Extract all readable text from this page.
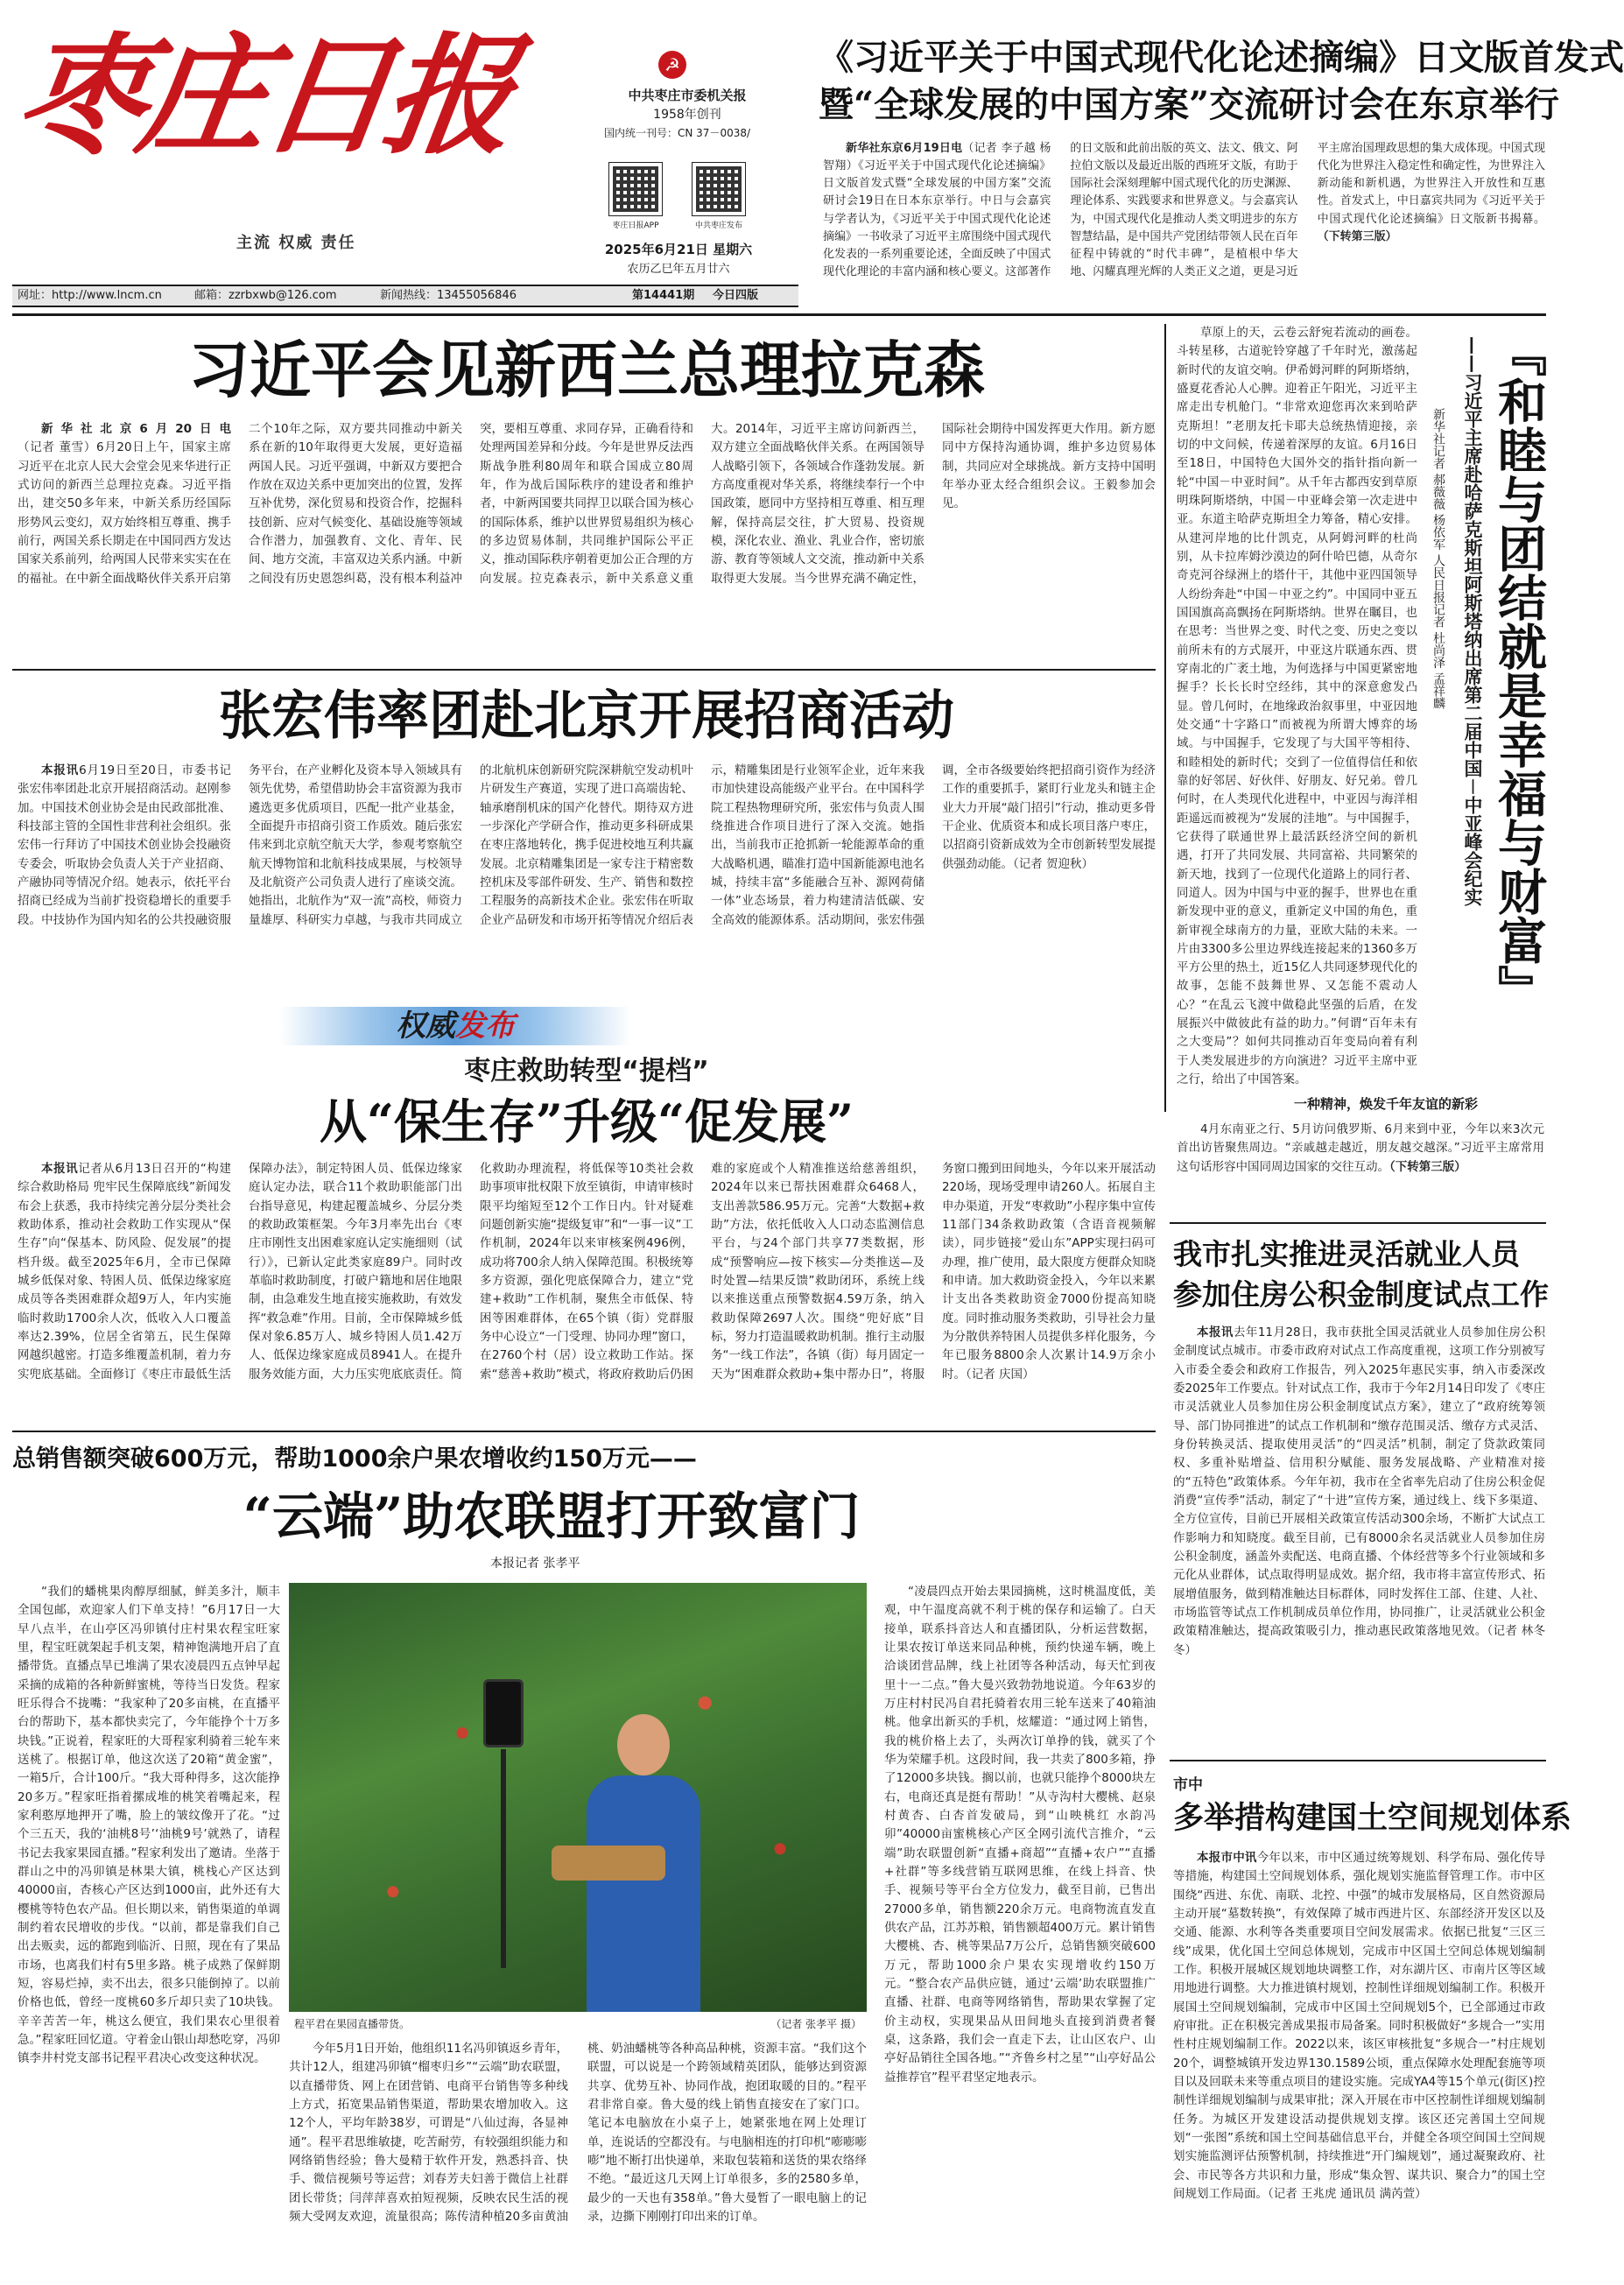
枣庄日报	☭
中共枣庄市委机关报
1958年创刊
国内统一刊号：CN 37－0038/
枣庄日报APP	中共枣庄发布
主流 权威 责任	2025年6月21日 星期六
农历乙巳年五月廿六
网址：http://www.lncm.cn	邮箱：zzrbxwb@126.com	新闻热线：13455056846	第14441期 今日四版
《习近平关于中国式现代化论述摘编》日文版首发式
暨“全球发展的中国方案”交流研讨会在东京举行

新华社东京6月19日电（记者 李子越 杨智翔）《习近平关于中国式现代化论述摘编》日文版首发式暨“全球发展的中国方案”交流研讨会19日在日本东京举行。中日与会嘉宾与学者认为，《习近平关于中国式现代化论述摘编》一书收录了习近平主席围绕中国式现代化发表的一系列重要论述，全面反映了中国式现代化理论的丰富内涵和核心要义。这部著作的日文版和此前出版的英文、法文、俄文、阿拉伯文版以及最近出版的西班牙文版，有助于国际社会深刻理解中国式现代化的历史渊源、理论体系、实践要求和世界意义。与会嘉宾认为，中国式现代化是推动人类文明进步的东方智慧结晶，是中国共产党团结带领人民在百年征程中铸就的“时代丰碑”，是植根中华大地、闪耀真理光辉的人类正义之道，更是习近平主席治国理政思想的集大成体现。中国式现代化为世界注入稳定性和确定性，为世界注入新动能和新机遇，为世界注入开放性和互惠性。首发式上，中日嘉宾共同为《习近平关于中国式现代化论述摘编》日文版新书揭幕。（下转第三版）

习近平会见新西兰总理拉克森

新华社北京6月20日电（记者 董雪）6月20日上午，国家主席习近平在北京人民大会堂会见来华进行正式访问的新西兰总理拉克森。习近平指出，建交50多年来，中新关系历经国际形势风云变幻，双方始终相互尊重、携手前行，两国关系长期走在中国同西方发达国家关系前列，给两国人民带来实实在在的福祉。在中新全面战略伙伴关系开启第二个10年之际，双方要共同推动中新关系在新的10年取得更大发展，更好造福两国人民。习近平强调，中新双方要把合作放在双边关系中更加突出的位置，发挥互补优势，深化贸易和投资合作，挖掘科技创新、应对气候变化、基础设施等领域合作潜力，加强教育、文化、青年、民间、地方交流，丰富双边关系内涵。中新之间没有历史恩怨纠葛，没有根本利益冲突，要相互尊重、求同存异，正确看待和处理两国差异和分歧。今年是世界反法西斯战争胜利80周年和联合国成立80周年，作为战后国际秩序的建设者和维护者，中新两国要共同捍卫以联合国为核心的国际体系，维护以世界贸易组织为核心的多边贸易体制，共同维护国际公平正义，推动国际秩序朝着更加公正合理的方向发展。拉克森表示，新中关系意义重大。2014年，习近平主席访问新西兰，双方建立全面战略伙伴关系。在两国领导人战略引领下，各领域合作蓬勃发展。新方高度重视对华关系，将继续奉行一个中国政策，愿同中方坚持相互尊重、相互理解，保持高层交往，扩大贸易、投资规模，深化农业、渔业、乳业合作，密切旅游、教育等领域人文交流，推动新中关系取得更大发展。当今世界充满不确定性，国际社会期待中国发挥更大作用。新方愿同中方保持沟通协调，维护多边贸易体制，共同应对全球挑战。新方支持中国明年举办亚太经合组织会议。王毅参加会见。

张宏伟率团赴北京开展招商活动

本报讯6月19日至20日，市委书记张宏伟率团赴北京开展招商活动。赵刚参加。中国技术创业协会是由民政部批准、科技部主管的全国性非营利社会组织。张宏伟一行拜访了中国技术创业协会投融资专委会，听取协会负责人关于产业招商、产融协同等情况介绍。她表示，依托平台招商已经成为当前扩投资稳增长的重要手段。中技协作为国内知名的公共投融资服务平台，在产业孵化及资本导入领域具有领先优势，希望借助协会丰富资源为我市遴选更多优质项目，匹配一批产业基金，全面提升市招商引资工作质效。随后张宏伟来到北京航空航天大学，参观考察航空航天博物馆和北航科技成果展，与校领导及北航资产公司负责人进行了座谈交流。她指出，北航作为“双一流”高校，师资力量雄厚、科研实力卓越，与我市共同成立的北航机床创新研究院深耕航空发动机叶片研发生产赛道，实现了进口高端齿轮、轴承磨削机床的国产化替代。期待双方进一步深化产学研合作，推动更多科研成果在枣庄落地转化，携手促进校地互利共赢发展。北京精雕集团是一家专注于精密数控机床及零部件研发、生产、销售和数控工程服务的高新技术企业。张宏伟在听取企业产品研发和市场开拓等情况介绍后表示，精雕集团是行业领军企业，近年来我市加快建设高能级产业平台。在中国科学院工程热物理研究所，张宏伟与负责人围绕推进合作项目进行了深入交流。她指出，当前我市正抢抓新一轮能源革命的重大战略机遇，瞄准打造中国新能源电池名城，持续丰富“多能融合互补、源网荷储一体”业态场景，着力构建清洁低碳、安全高效的能源体系。活动期间，张宏伟强调，全市各级要始终把招商引资作为经济工作的重要抓手，紧盯行业龙头和链主企业大力开展“敲门招引”行动，推动更多骨干企业、优质资本和成长项目落户枣庄，以招商引资新成效为全市创新转型发展提供强劲动能。（记者 贺迎秋）

权威发布
枣庄救助转型“提档”
从“保生存”升级“促发展”

本报讯记者从6月13日召开的“构建综合救助格局 兜牢民生保障底线”新闻发布会上获悉，我市持续完善分层分类社会救助体系，推动社会救助工作实现从“保生存”向“保基本、防风险、促发展”的提档升级。截至2025年6月，全市已保障城乡低保对象、特困人员、低保边缘家庭成员等各类困难群众超9万人，年内实施临时救助1700余人次，低收入人口覆盖率达2.39%，位居全省第五，民生保障网越织越密。打造多维覆盖机制，着力夯实兜底基础。全面修订《枣庄市最低生活保障办法》，制定特困人员、低保边缘家庭认定办法，联合11个救助职能部门出台指导意见，构建起覆盖城乡、分层分类的救助政策框架。今年3月率先出台《枣庄市刚性支出困难家庭认定实施细则（试行）》，已新认定此类家庭89户。同时改革临时救助制度，打破户籍地和居住地限制，由急难发生地直接实施救助，有效发挥“救急难”作用。目前，全市保障城乡低保对象6.85万人、城乡特困人员1.42万人、低保边缘家庭成员8941人。在提升服务效能方面，大力压实兜底底责任。简化救助办理流程，将低保等10类社会救助事项审批权限下放至镇街，申请审核时限平均缩短至12个工作日内。针对疑难问题创新实施“提级复审”和“一事一议”工作机制，2024年以来审核案例496例，成功将700余人纳入保障范围。积极统筹多方资源，强化兜底保障合力，建立“党建+救助”工作机制，聚焦全市低保、特困等困难群体，在65个镇（街）党群服务中心设立“一门受理、协同办理”窗口，在2760个村（居）设立救助工作站。探索“慈善+救助”模式，将政府救助后仍困难的家庭或个人精准推送给慈善组织，2024年以来已帮扶困难群众6468人，支出善款586.95万元。完善“大数据+救助”方法，依托低收入人口动态监测信息平台，与24个部门共享77类数据，形成“预警响应—按下核实—分类推送—及时处置—结果反馈”救助闭环，系统上线以来推送重点预警数据4.59万条，纳入救助保障2697人次。围绕“兜好底”目标，努力打造温暖救助机制。推行主动服务“一线工作法”，各镇（街）每月固定一天为“困难群众救助+集中帮办日”，将服务窗口搬到田间地头，今年以来开展活动220场，现场受理申请260人。拓展自主申办渠道，开发“枣救助”小程序集中宣传11部门34条救助政策（含语音视频解读），同步链接“爱山东”APP实现扫码可办理，推广使用，最大限度方便群众知晓和申请。加大救助资金投入，今年以来累计支出各类救助资金7000份提高知晓度。同时推动服务类救助，引导社会力量为分散供养特困人员提供多样化服务，今年已服务8800余人次累计14.9万余小时。（记者 庆国）

总销售额突破600万元，帮助1000余户果农增收约150万元——
“云端”助农联盟打开致富门
本报记者 张孝平

“我们的蟠桃果肉醇厚细腻，鲜美多汁，顺丰全国包邮，欢迎家人们下单支持！”6月17日一大早八点半，在山亭区冯卯镇付庄村果农程宝旺家里，程宝旺就架起手机支架，精神饱满地开启了直播带货。直播点旱已堆满了果农凌晨四五点钟早起采摘的成箱的各种新鲜蜜桃，等待当日发货。程家旺乐得合不拢嘴：“我家种了20多亩桃，在直播平台的帮助下，基本都快卖完了，今年能挣个十万多块钱。”正说着，程家旺的大哥程家利骑着三轮车来送桃了。根据订单，他这次送了20箱“黄金蜜”，一箱5斤，合计100斤。“我大哥种得多，这次能挣20多万。”程家旺指着摞成堆的桃笑着嘴起来，程家利憨厚地押开了嘴，脸上的皱纹像开了花。“过个三五天，我的‘油桃8号’‘油桃9号’就熟了，请程书记去我家果园直播。”程家利发出了邀请。坐落于群山之中的冯卯镇是林果大镇，桃栈心产区达到40000亩，杏核心产区达到1000亩，此外还有大樱桃等特色农产品。但长期以来，销售渠道的单调制约着农民增收的步伐。“以前，都是靠我们自己出去贩卖，远的都跑到临沂、日照，现在有了果品市场，也离我们村有5里多路。桃子成熟了保鲜期短，容易烂掉，卖不出去，很多只能倒掉了。以前价格也低，曾经一度桃60多斤却只卖了10块钱。辛辛苦苦一年，桃这么便宜，我们果农心里很着急。”程家旺回忆道。守着金山银山却愁吃穿，冯卯镇李井村党支部书记程平君决心改变这种状况。

程平君在果园直播带货。	（记者 张孝平 摄）

今年5月1日开始，他组织11名冯卯镇返乡青年，共计12人，组建冯卯镇“榴枣归乡”“云端”助农联盟，以直播带货、网上在团营销、电商平台销售等多种线上方式，拓宽果品销售渠道，帮助果农增加收入。这12个人，平均年龄38岁，可谓是“八仙过海，各显神通”。程平君思维敏捷，吃苦耐劳，有较强组织能力和网络销售经验；鲁大曼精于软件开发，熟悉抖音、快手、微信视频号等运营；刘春芳夫妇善于微信上社群团长带货；闫萍萍喜欢拍短视频，反映农民生活的视频大受网友欢迎，流量很高；陈传清种植20多亩黄油桃、奶油蟠桃等各种高品种桃，资源丰富。“我们这个联盟，可以说是一个跨领域精英团队，能够达到资源共享、优势互补、协同作战，抱团取暖的目的。”程平君非常自豪。鲁大曼的线上销售直接安在了家门口。笔记本电脑放在小桌子上，她紧张地在网上处理订单，连说话的空都没有。与电脑相连的打印机“嘭嘭嘭嘭”地不断打出快递单，来取包装箱和送货的果农络绎不绝。“最近这几天网上订单很多，多的2580多单，最少的一天也有358单。”鲁大曼暂了一眼电脑上的记录，边撕下刚刚打印出来的订单。

“凌晨四点开始去果园摘桃，这时桃温度低，美观，中午温度高就不利于桃的保存和运输了。白天接单，联系抖音达人和直播团队，分析运营数据，让果农按订单送来同品种桃，预约快递车辆，晚上洽谈团营品牌，线上社团等各种活动，每天忙到夜里十一二点。”鲁大曼兴致勃勃地说道。今年63岁的万庄村村民冯自君托骑着农用三轮车送来了40箱油桃。他拿出新买的手机，炫耀道：“通过网上销售，我的桃价格上去了，头两次订单挣的钱，就买了个华为荣耀手机。这段时间，我一共卖了800多箱，挣了12000多块钱。搁以前，也就只能挣个8000块左右，电商还真是挺有帮助！”从寺沟村大樱桃、赵泉村黄杏、白杏首发破局，到“山映桃红 水韵冯卯”40000亩蜜桃核心产区全网引流代言推介，“云端”助农联盟创新“直播+商超”“直播+农户”“直播+社群”等多线营销互联网思维，在线上抖音、快手、视频号等平台全方位发力，截至目前，已售出27000多单，销售额220余万元。电商物流直发直供农产品，江苏苏粮，销售额超400万元。累计销售大樱桃、杏、桃等果品7万公斤，总销售额突破600万元，帮助1000余户果农实现增收约150万元。“整合农产品供应链，通过‘云端’助农联盟推广直播、社群、电商等网络销售，帮助果农掌握了定价主动权，实现果品从田间地头直接到消费者餐桌，这条路，我们会一直走下去，让山区农户、山亭好品销往全国各地。”“齐鲁乡村之星”“山亭好品公益推荐官”程平君坚定地表示。

草原上的天，云卷云舒宛若流动的画卷。斗转星移，古道驼铃穿越了千年时光，激荡起新时代的友谊交响。伊希姆河畔的阿斯塔纳，盛夏花香沁人心脾。迎着正午阳光，习近平主席走出专机舱门。“非常欢迎您再次来到哈萨克斯坦！”老朋友托卡耶夫总统热情迎接，亲切的中文问候，传递着深厚的友谊。6月16日至18日，中国特色大国外交的指针指向新一轮“中国－中亚时间”。从千年古都西安到草原明珠阿斯塔纳，中国－中亚峰会第一次走进中亚。东道主哈萨克斯坦全力筹备，精心安排。从建河岸地的比什凯克，从阿姆河畔的杜尚别，从卡拉库姆沙漠边的阿什哈巴德，从奇尔奇克河谷绿洲上的塔什干，其他中亚四国领导人纷纷奔赴“中国－中亚之约”。中国同中亚五国国旗高高飘扬在阿斯塔纳。世界在瞩目，也在思考：当世界之变、时代之变、历史之变以前所未有的方式展开，中亚这片联通东西、贯穿南北的广袤土地，为何选择与中国更紧密地握手？长长长时空经纬，其中的深意愈发凸显。曾几何时，在地缘政治叙事里，中亚因地处交通“十字路口”而被视为所谓大博弈的场域。与中国握手，它发现了与大国平等相待、和睦相处的新时代；交到了一位值得信任和依靠的好邻居、好伙伴、好朋友、好兄弟。曾几何时，在人类现代化进程中，中亚因与海洋相距遥远而被视为“发展的洼地”。与中国握手，它获得了联通世界上最活跃经济空间的新机遇，打开了共同发展、共同富裕、共同繁荣的新天地，找到了一位现代化道路上的同行者、同道人。因为中国与中亚的握手，世界也在重新发现中亚的意义，重新定义中国的角色，重新审视全球南方的力量，亚欧大陆的未来。一片由3300多公里边界线连接起来的1360多万平方公里的热土，近15亿人共同逐梦现代化的故事，怎能不鼓舞世界、又怎能不震动人心？“在乱云飞渡中做稳此坚强的后盾，在发展振兴中做彼此有益的助力。”何谓“百年未有之大变局”？如何共同推动百年变局向着有利于人类发展进步的方向演进？习近平主席中亚之行，给出了中国答案。

『和睦与团结就是幸福与财富』
——习近平主席赴哈萨克斯坦阿斯塔纳出席第二届中国－中亚峰会纪实
新华社记者 郝薇薇 杨依军 人民日报记者 杜尚泽 孟祥麟
一种精神，焕发千年友谊的新彩

4月东南亚之行、5月访问俄罗斯、6月来到中亚，今年以来3次元首出访皆聚焦周边。“亲戚越走越近，朋友越交越深。”习近平主席常用这句话形容中国同周边国家的交往互动。（下转第三版）

我市扎实推进灵活就业人员
参加住房公积金制度试点工作

本报讯去年11月28日，我市获批全国灵活就业人员参加住房公积金制度试点城市。市委市政府对试点工作高度重视，这项工作分别被写入市委全委会和政府工作报告，列入2025年惠民实事，纳入市委深改委2025年工作要点。针对试点工作，我市于今年2月14日印发了《枣庄市灵活就业人员参加住房公积金制度试点方案》，建立了“政府统筹领导、部门协同推进”的试点工作机制和“缴存范围灵活、缴存方式灵活、身份转换灵活、提取使用灵活”的“四灵活”机制，制定了贷款政策同权、多重补贴增益、信用积分赋能、服务发展战略、产业精准对接的“五特色”政策体系。今年年初，我市在全省率先启动了住房公积金促消费“宣传季”活动，制定了“十进”宣传方案，通过线上、线下多渠道、全方位宣传，目前已开展相关政策宣传活动300余场，不断扩大试点工作影响力和知晓度。截至目前，已有8000余名灵活就业人员参加住房公积金制度，涵盖外卖配送、电商直播、个体经营等多个行业领域和多元化从业群体，试点取得明显成效。据介绍，我市将丰富宣传形式、拓展增值服务，做到精准触达目标群体，同时发挥住工部、住建、人社、市场监管等试点工作机制成员单位作用，协同推广，让灵活就业公积金政策精准触达，提高政策吸引力，推动惠民政策落地见效。（记者 林冬冬）

市中
多举措构建国土空间规划体系

本报市中讯今年以来，市中区通过统筹规划、科学布局、强化传导等措施，构建国土空间规划体系，强化规划实施监督管理工作。市中区围绕“西进、东优、南联、北控、中强”的城市发展格局，区自然资源局主动开展“墓数转换”，有效保障了城市西进片区、东部经济开发区以及交通、能源、水利等各类重要项目空间发展需求。依据已批复“三区三线”成果，优化国土空间总体规划，完成市中区国土空间总体规划编制工作。积极开展城区规划地块调整工作，对东湖片区、市南片区等区域用地进行调整。大力推进镇村规划，控制性详细规划编制工作。积极开展国土空间规划编制，完成市中区国土空间规划5个，已全部通过市政府审批。正在积极完善成果报市局备案。同时积极做好“多规合一”实用性村庄规划编制工作。2022以来，该区审核批复“多规合一”村庄规划20个，调整城镇开发边界130.1589公顷，重点保障水处理配套施等项目以及回联未来等重点项目的建设实施。完成YA4等15个单元(街区)控制性详细规划编制与成果审批；深入开展在市中区控制性详细规划编制任务。为城区开发建设活动提供规划支撑。该区还完善国土空间规划“一张图”系统和国土空间基础信息平台，并健全各项空间国土空间规划实施监测评估预警机制，持续推进“开门编规划”，通过凝聚政府、社会、市民等各方共识和力量，形成“集众智、谋共识、聚合力”的国土空间规划工作局面。（记者 王兆虎 通讯员 满芮萱）
